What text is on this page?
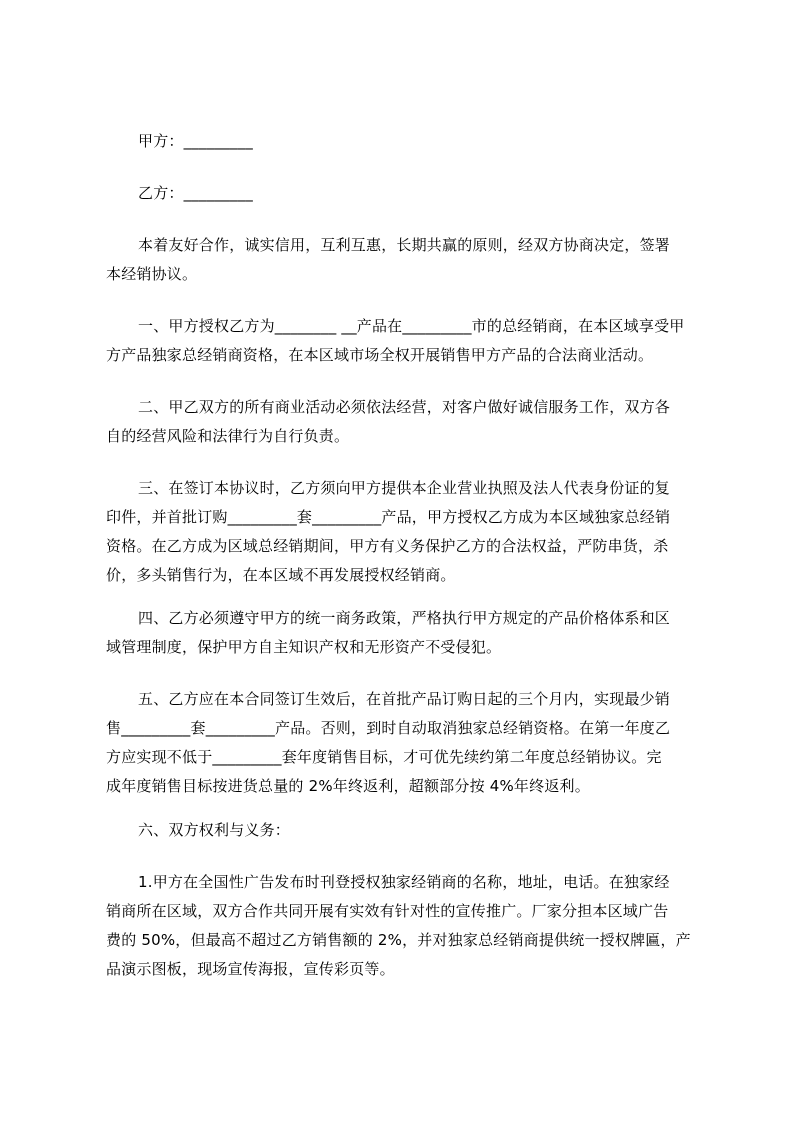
甲方：_________

乙方：_________

本着友好合作，诚实信用，互利互惠，长期共赢的原则，经双方协商决定，签署
本经销协议。

一、甲方授权乙方为________ __产品在_________市的总经销商，在本区域享受甲
方产品独家总经销商资格，在本区域市场全权开展销售甲方产品的合法商业活动。

二、甲乙双方的所有商业活动必须依法经营，对客户做好诚信服务工作，双方各
自的经营风险和法律行为自行负责。

三、在签订本协议时，乙方须向甲方提供本企业营业执照及法人代表身份证的复
印件，并首批订购_________套_________产品，甲方授权乙方成为本区域独家总经销
资格。在乙方成为区域总经销期间，甲方有义务保护乙方的合法权益，严防串货，杀
价，多头销售行为，在本区域不再发展授权经销商。

四、乙方必须遵守甲方的统一商务政策，严格执行甲方规定的产品价格体系和区
域管理制度，保护甲方自主知识产权和无形资产不受侵犯。

五、乙方应在本合同签订生效后，在首批产品订购日起的三个月内，实现最少销
售_________套_________产品。否则，到时自动取消独家总经销资格。在第一年度乙
方应实现不低于_________套年度销售目标，才可优先续约第二年度总经销协议。完
成年度销售目标按进货总量的 2%年终返利，超额部分按 4%年终返利。

六、双方权利与义务：

1.甲方在全国性广告发布时刊登授权独家经销商的名称，地址，电话。在独家经
销商所在区域，双方合作共同开展有实效有针对性的宣传推广。厂家分担本区域广告
费的 50%，但最高不超过乙方销售额的 2%，并对独家总经销商提供统一授权牌匾，产
品演示图板，现场宣传海报，宣传彩页等。
